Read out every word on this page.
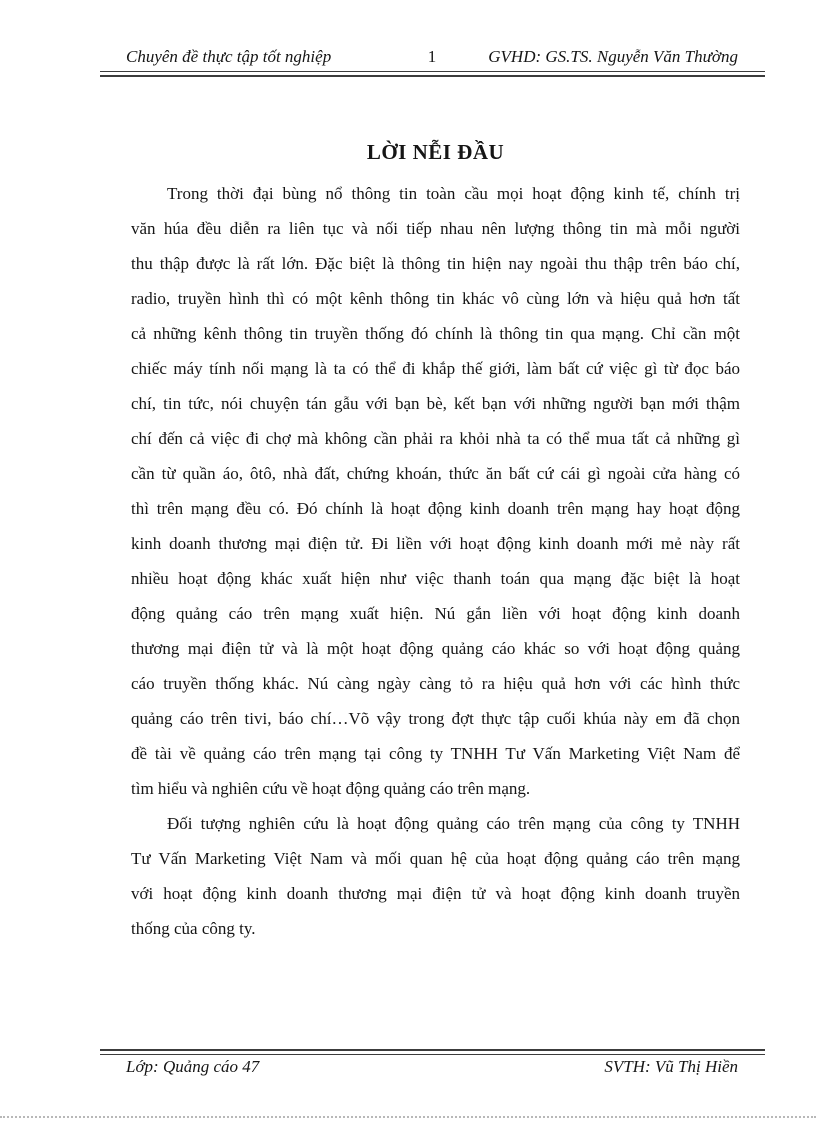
Chuyên đề thực tập tốt nghiệp	1	GVHD: GS.TS. Nguyễn Văn Thường
LỜI NỄI ĐẦU
Trong thời đại bùng nổ thông tin toàn cầu mọi hoạt động kinh tế, chính trị
văn húa đều diễn ra liên tục và nối tiếp nhau nên lượng thông tin mà mỗi người
thu thập được là rất lớn. Đặc biệt là thông tin hiện nay ngoài thu thập trên báo chí,
radio, truyền hình thì có một kênh thông tin khác vô cùng lớn và hiệu quả hơn tất
cả những kênh thông tin truyền thống đó chính là thông tin qua mạng. Chỉ cần một
chiếc máy tính nối mạng là ta có thể đi khắp thế giới, làm bất cứ việc gì từ đọc báo
chí, tin tức, nói chuyện tán gẫu với bạn bè, kết bạn với những người bạn mới thậm
chí đến cả việc đi chợ mà không cần phải ra khỏi nhà ta có thể mua tất cả những gì
cần từ quần áo, ôtô, nhà đất, chứng khoán, thức ăn bất cứ cái gì ngoài cửa hàng có
thì trên mạng đều có. Đó chính là hoạt động kinh doanh trên mạng hay hoạt động
kinh doanh thương mại điện tử. Đi liền với hoạt động kinh doanh mới mẻ này rất
nhiều hoạt động khác xuất hiện như việc thanh toán qua mạng đặc biệt là hoạt
động quảng cáo trên mạng xuất hiện. Nú gắn liền với hoạt động kinh doanh
thương mại điện tử và là một hoạt động quảng cáo khác so với hoạt động quảng
cáo truyền thống khác. Nú càng ngày càng tỏ ra hiệu quả hơn với các hình thức
quảng cáo trên tivi, báo chí…Võ vậy trong đợt thực tập cuối khúa này em đã chọn
đề tài về quảng cáo trên mạng tại công ty TNHH Tư Vấn Marketing Việt Nam để
tìm hiểu và nghiên cứu về hoạt động quảng cáo trên mạng.
Đối tượng nghiên cứu là hoạt động quảng cáo trên mạng của công ty TNHH
Tư Vấn Marketing Việt Nam và mối quan hệ của hoạt động quảng cáo trên mạng
với hoạt động kinh doanh thương mại điện tử và hoạt động kinh doanh truyền
thống của công ty.
Lớp: Quảng cáo 47	SVTH: Vũ Thị Hiền
